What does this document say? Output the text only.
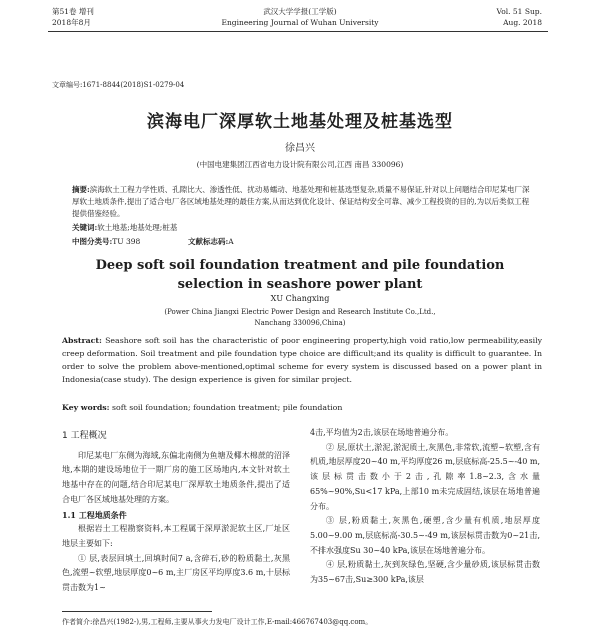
第51卷 增刊
2018年8月
武汉大学学报(工学版)
Engineering Journal of Wuhan University
Vol. 51 Sup.
Aug. 2018
文章编号:1671-8844(2018)S1-0279-04
滨海电厂深厚软土地基处理及桩基选型
徐昌兴
(中国电建集团江西省电力设计院有限公司,江西 南昌 330096)
摘要:滨海软土工程力学性质、孔隙比大、渗透性低、扰动易蠕动、地基处理和桩基选型复杂,质量不易保证,针对以上问题结合印尼某电厂深厚软土地质条件,提出了适合电厂各区域地基处理的最佳方案,从而达到优化设计、保证结构安全可靠、减少工程投资的目的,为以后类似工程提供借鉴经验。
关键词:软土地基;地基处理;桩基
中图分类号:TU 398	文献标志码:A
Deep soft soil foundation treatment and pile foundation
selection in seashore power plant
XU Changxing
(Power China Jiangxi Electric Power Design and Research Institute Co.,Ltd.,
Nanchang 330096,China)
Abstract: Seashore soft soil has the characteristic of poor engineering property,high void ratio,low permeability,easily creep deformation. Soil treatment and pile foundation type choice are difficult;and its quality is difficult to guarantee. In order to solve the problem above-mentioned,optimal scheme for every system is discussed based on a power plant in Indonesia(case study). The design experience is given for similar project.
Key words: soft soil foundation; foundation treatment; pile foundation
1 工程概况

印尼某电厂东侧为海域,东偏北南侧为鱼塘及椰木棉蔗的沼泽地,本期的建设场地位于一期厂房的施工区场地内,本文针对软土地基中存在的问题,结合印尼某电厂深厚软土地质条件,提出了适合电厂各区域地基处理的方案。

1.1 工程地质条件

根据岩土工程勘察资料,本工程属于深厚淤泥软土区,厂址区地层主要如下:

① 层,表层回填土,回填时间7 a,含碎石,砂的粉质黏土,灰黑色,流塑~软塑,地层厚度0~6 m,主厂房区平均厚度3.6 m,十层标贯击数为1~

4击,平均值为2击,该层在场地普遍分布。

② 层,原状土,淤泥,淤泥质土,灰黑色,非常软,流塑~软塑,含有机质,地层厚度20~40 m,平均厚度26 m,层底标高-25.5~-40 m,该层标贯击数小于2击,孔隙率1.8~2.3,含水量65%~90%,Su<17 kPa,上部10 m未完成固结,该层在场地普遍分布。

③ 层,粉质黏土,灰黑色,硬塑,含少量有机质,地层厚度5.00~9.00 m,层底标高-30.5~-49 m,该层标贯击数为0~21击,不排水强度Su 30~40 kPa,该层在场地普遍分布。

④ 层,粉质黏土,灰到灰绿色,坚硬,含少量砂质,该层标贯击数为35~67击,Su≥300 kPa,该层

作者简介:徐昌兴(1982-),男,工程师,主要从事火力发电厂设计工作,E-mail:466767403@qq.com。
